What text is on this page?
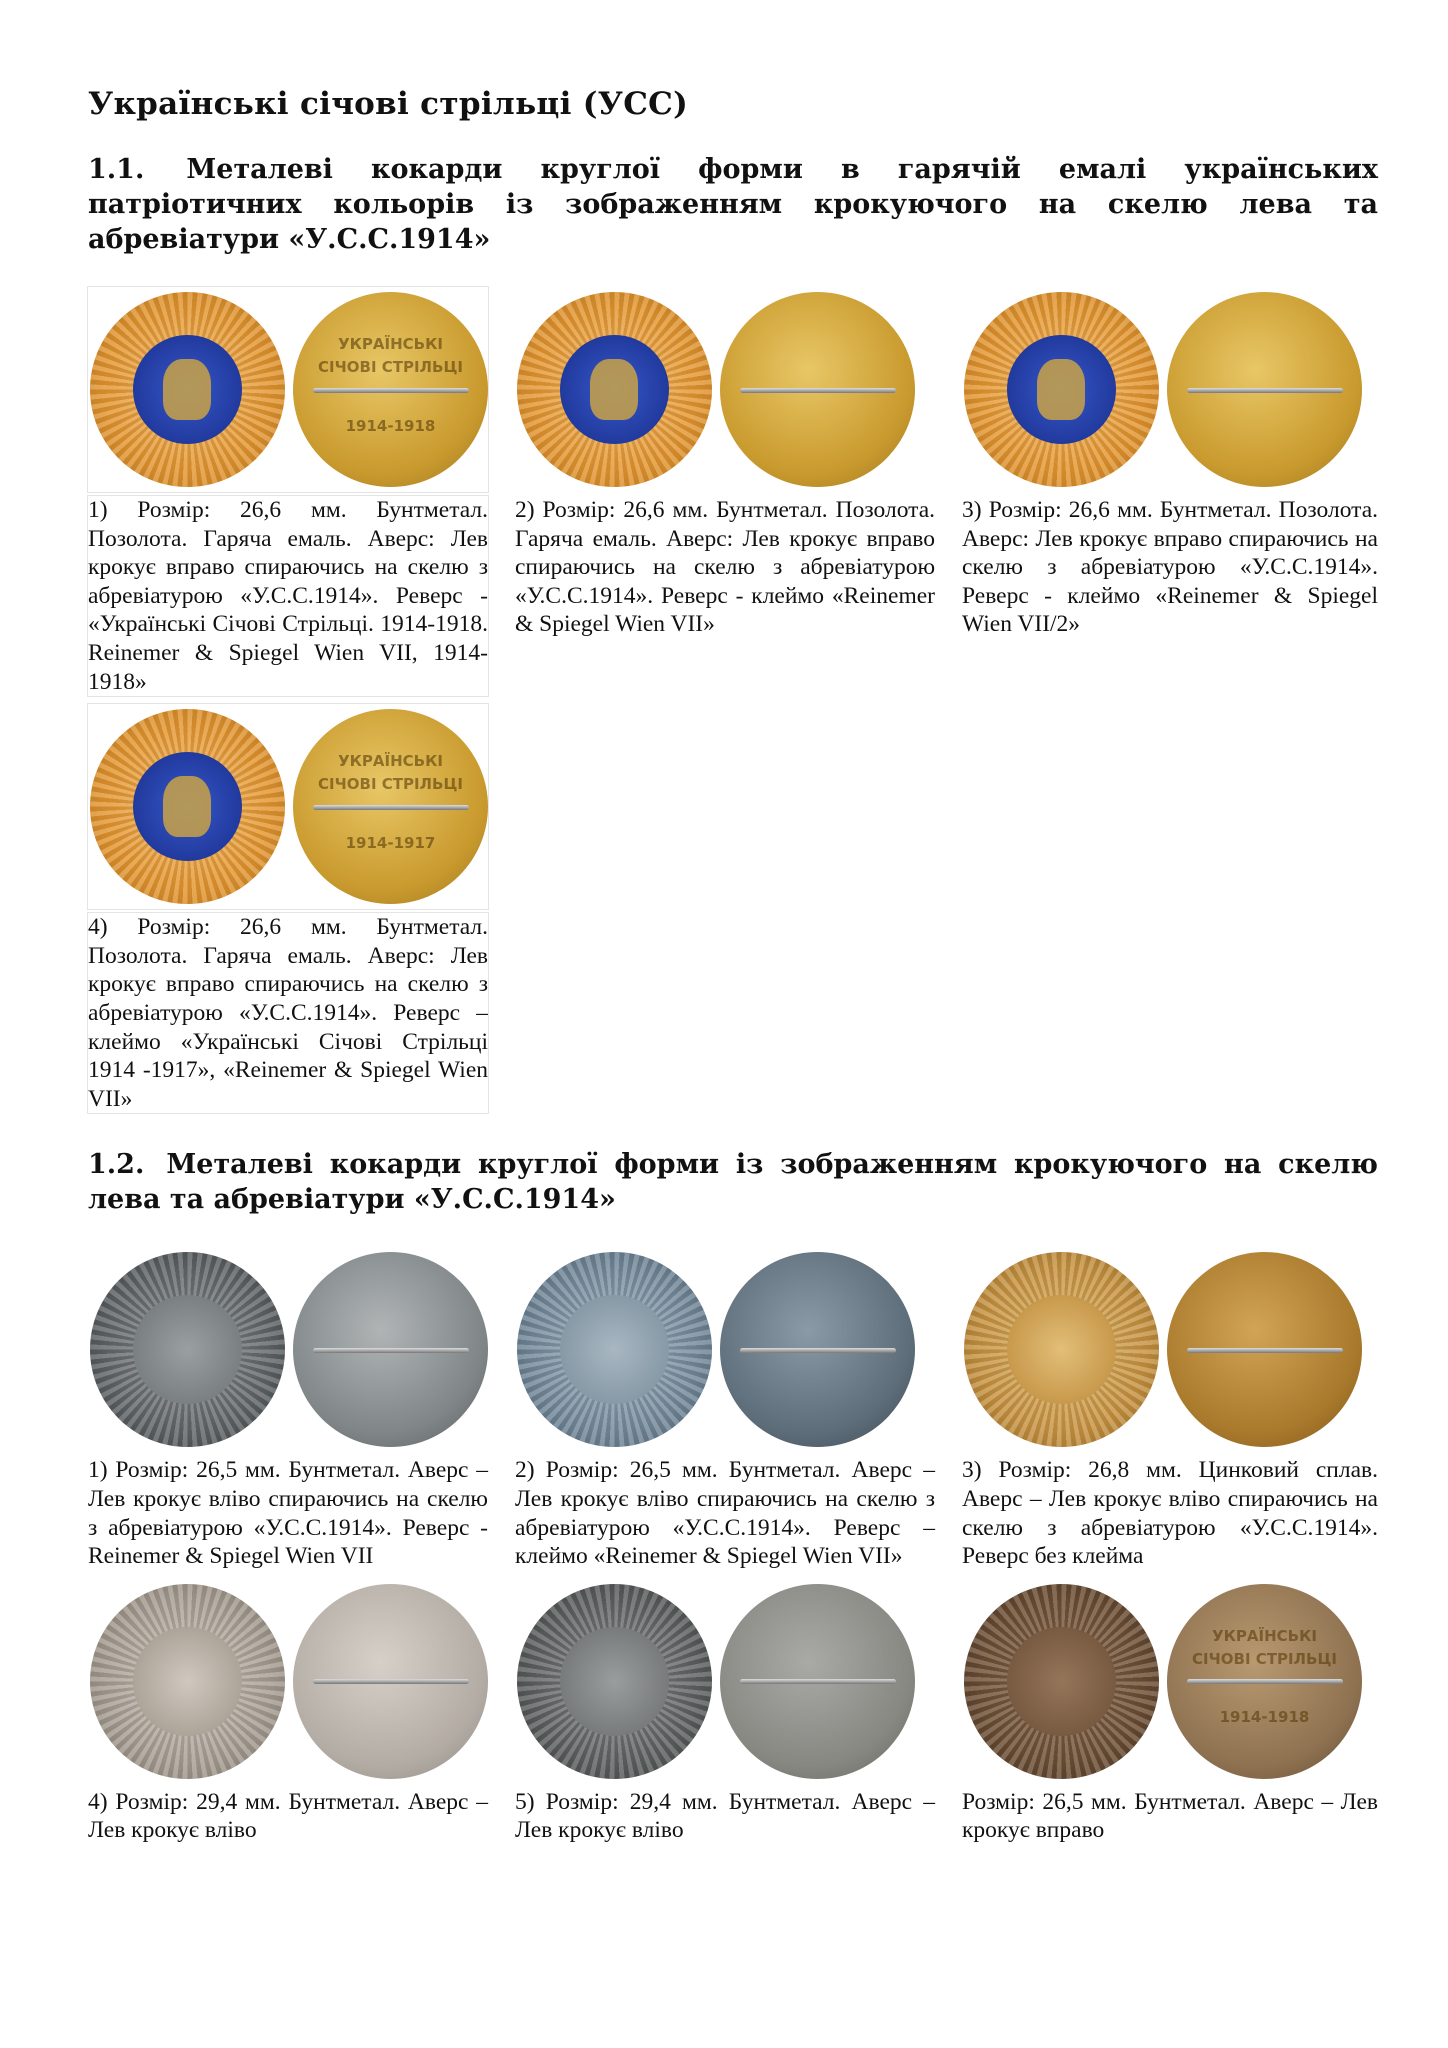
Українські січові стрільці (УСС)
1.1. Металеві кокарди круглої форми в гарячій емалі українських патріотичних кольорів із зображенням крокуючого на скелю лева та абревіатури «У.С.С.1914»
УКРАЇНСЬКІ
СІЧОВІ СТРІЛЬЦІ
1914-1918
1) Розмір: 26,6 мм. Бунтметал. Позолота. Гаряча емаль. Аверс: Лев крокує вправо спираючись на скелю з абревіатурою «У.С.С.1914». Реверс - «Українські Січові Стрільці. 1914-1918. Reinemer & Spiegel Wien VII, 1914-1918»
2) Розмір: 26,6 мм. Бунтметал. Позолота. Гаряча емаль. Аверс: Лев крокує вправо спираючись на скелю з абревіатурою «У.С.С.1914». Реверс - клеймо «Reinemer & Spiegel Wien VII»
3) Розмір: 26,6 мм. Бунтметал. Позолота. Аверс: Лев крокує вправо спираючись на скелю з абревіатурою «У.С.С.1914». Реверс - клеймо «Reinemer & Spiegel Wien VII/2»
УКРАЇНСЬКІ
СІЧОВІ СТРІЛЬЦІ
1914-1917
4) Розмір: 26,6 мм. Бунтметал. Позолота. Гаряча емаль. Аверс: Лев крокує вправо спираючись на скелю з абревіатурою «У.С.С.1914». Реверс – клеймо «Українські Січові Стрільці 1914 -1917», «Reinemer & Spiegel Wien VII»
1.2. Металеві кокарди круглої форми із зображенням крокуючого на скелю лева та абревіатури «У.С.С.1914»
1) Розмір: 26,5 мм. Бунтметал. Аверс – Лев крокує вліво спираючись на скелю з абревіатурою «У.С.С.1914». Реверс - Reinemer & Spiegel Wien VII
2) Розмір: 26,5 мм. Бунтметал. Аверс – Лев крокує вліво спираючись на скелю з абревіатурою «У.С.С.1914». Реверс – клеймо «Reinemer & Spiegel Wien VII»
3) Розмір: 26,8 мм. Цинковий сплав. Аверс – Лев крокує вліво спираючись на скелю з абревіатурою «У.С.С.1914». Реверс без клейма
4) Розмір: 29,4 мм. Бунтметал. Аверс – Лев крокує вліво
5) Розмір: 29,4 мм. Бунтметал. Аверс – Лев крокує вліво
УКРАЇНСЬКІ
СІЧОВІ СТРІЛЬЦІ
1914-1918
Розмір: 26,5 мм. Бунтметал. Аверс – Лев крокує вправо
